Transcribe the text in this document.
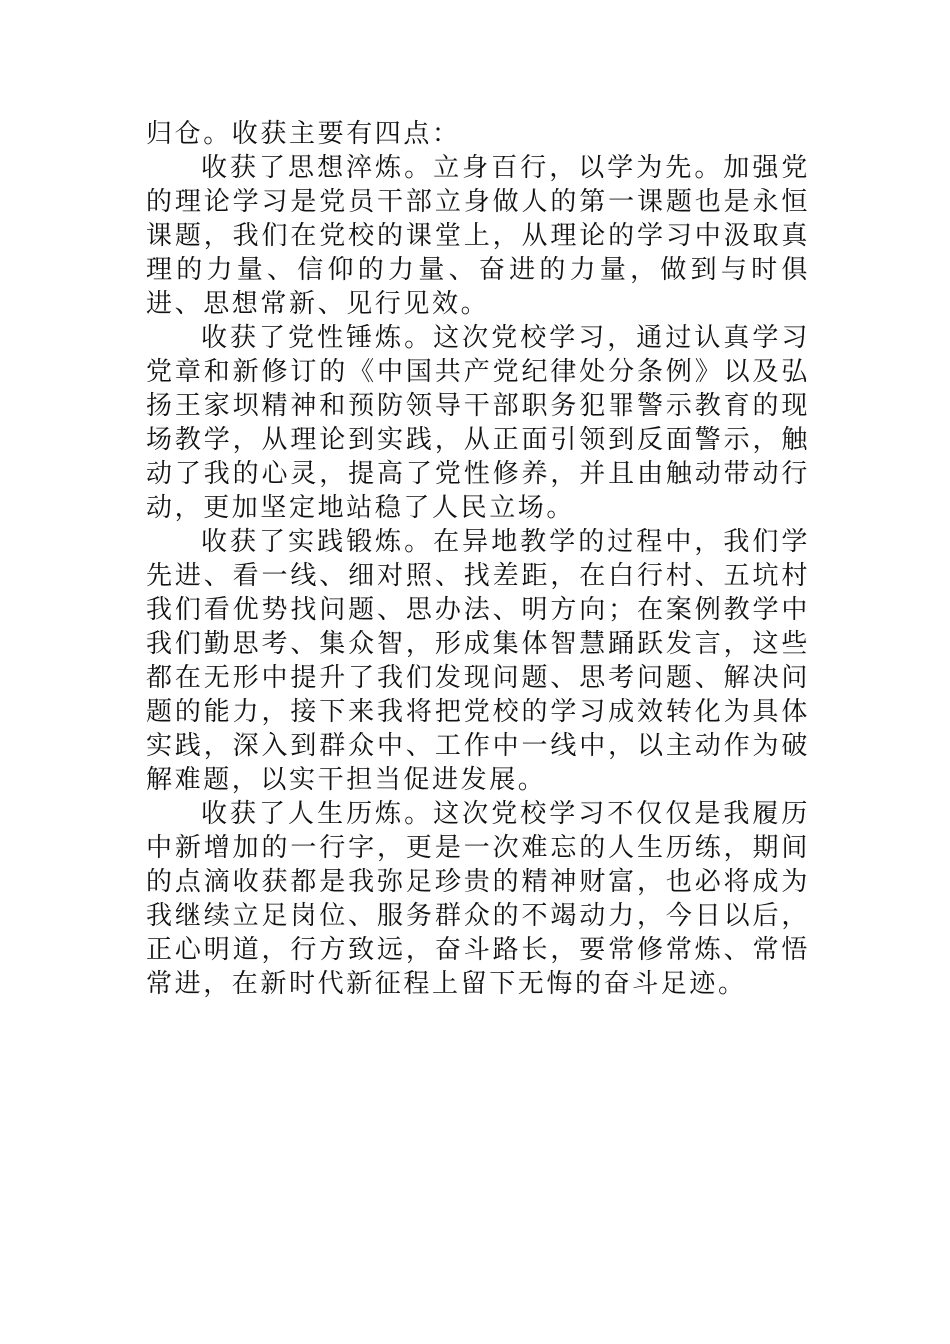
归仓。收获主要有四点：

收获了思想淬炼。立身百行，以学为先。加强党的理论学习是党员干部立身做人的第一课题也是永恒课题，我们在党校的课堂上，从理论的学习中汲取真理的力量、信仰的力量、奋进的力量，做到与时俱进、思想常新、见行见效。

收获了党性锤炼。这次党校学习，通过认真学习党章和新修订的《中国共产党纪律处分条例》以及弘扬王家坝精神和预防领导干部职务犯罪警示教育的现场教学，从理论到实践，从正面引领到反面警示，触动了我的心灵，提高了党性修养，并且由触动带动行动，更加坚定地站稳了人民立场。

收获了实践锻炼。在异地教学的过程中，我们学先进、看一线、细对照、找差距，在白行村、五坑村我们看优势找问题、思办法、明方向；在案例教学中我们勤思考、集众智，形成集体智慧踊跃发言，这些都在无形中提升了我们发现问题、思考问题、解决问题的能力，接下来我将把党校的学习成效转化为具体实践，深入到群众中、工作中一线中，以主动作为破解难题，以实干担当促进发展。

收获了人生历炼。这次党校学习不仅仅是我履历中新增加的一行字，更是一次难忘的人生历练，期间的点滴收获都是我弥足珍贵的精神财富，也必将成为我继续立足岗位、服务群众的不竭动力，今日以后，正心明道，行方致远，奋斗路长，要常修常炼、常悟常进，在新时代新征程上留下无悔的奋斗足迹。
